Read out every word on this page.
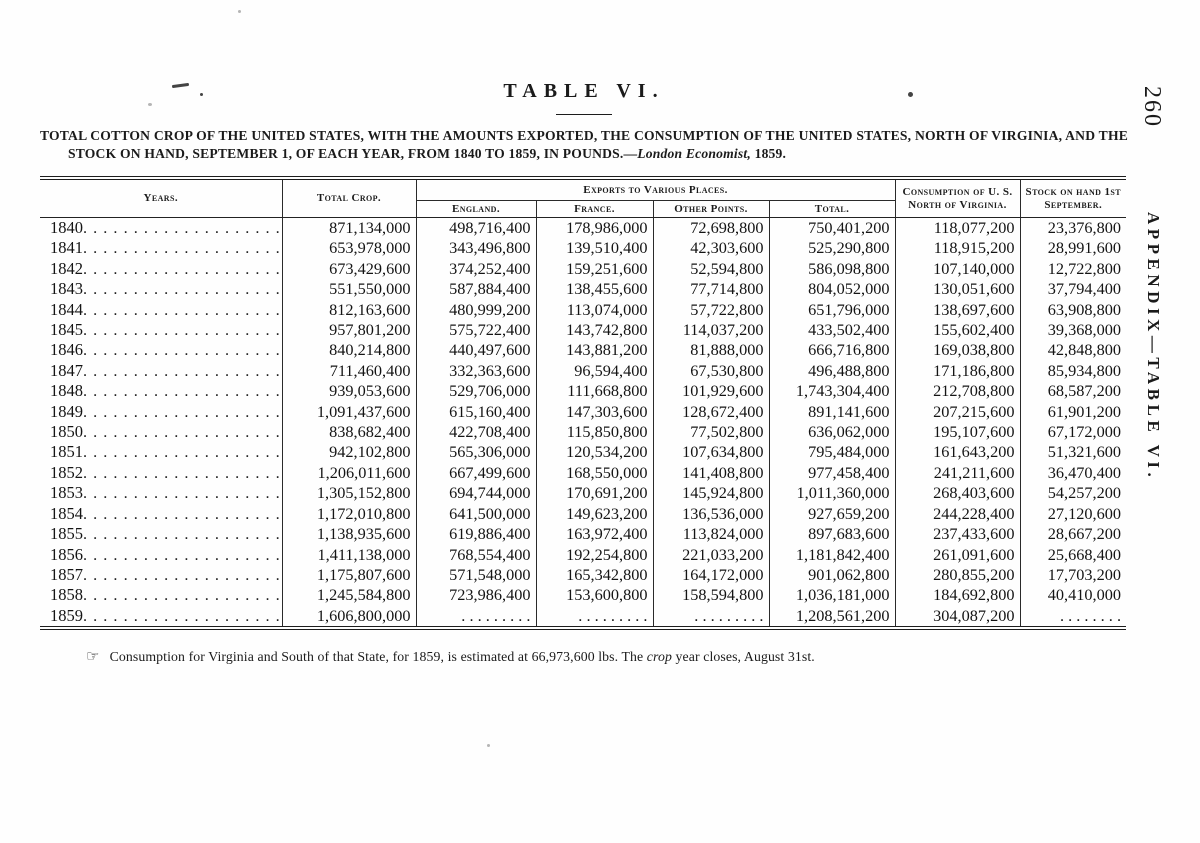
TABLE VI.
TOTAL COTTON CROP OF THE UNITED STATES, WITH THE AMOUNTS EXPORTED, THE CONSUMPTION OF THE UNITED STATES, NORTH OF VIRGINIA, AND THE STOCK ON HAND, SEPTEMBER 1, OF EACH YEAR, FROM 1840 TO 1859, IN POUNDS.—London Economist, 1859.
Years.	Total Crop.	Exports to Various Places.				Consumption of U. S. North of Virginia.	Stock on hand 1st September.
		England.	France.	Other Points.	Total.		
1840 . . .	871,134,000	498,716,400	178,986,000	72,698,800	750,401,200	118,077,200	23,376,800
1841 . . .	653,978,000	343,496,800	139,510,400	42,303,600	525,290,800	118,915,200	28,991,600
1842 . . .	673,429,600	374,252,400	159,251,600	52,594,800	586,098,800	107,140,000	12,722,800
1843 . . .	551,550,000	587,884,400	138,455,600	77,714,800	804,052,000	130,051,600	37,794,400
1844 . . .	812,163,600	480,999,200	113,074,000	57,722,800	651,796,000	138,697,600	63,908,800
1845 . . .	957,801,200	575,722,400	143,742,800	114,037,200	433,502,400	155,602,400	39,368,000
1846 . . .	840,214,800	440,497,600	143,881,200	81,888,000	666,716,800	169,038,800	42,848,800
1847 . . .	711,460,400	332,363,600	96,594,400	67,530,800	496,488,800	171,186,800	85,934,800
1848 . . .	939,053,600	529,706,000	111,668,800	101,929,600	1,743,304,400	212,708,800	68,587,200
1849 . . .	1,091,437,600	615,160,400	147,303,600	128,672,400	891,141,600	207,215,600	61,901,200
1850 . . .	838,682,400	422,708,400	115,850,800	77,502,800	636,062,000	195,107,600	67,172,000
1851 . . .	942,102,800	565,306,000	120,534,200	107,634,800	795,484,000	161,643,200	51,321,600
1852 . . .	1,206,011,600	667,499,600	168,550,000	141,408,800	977,458,400	241,211,600	36,470,400
1853 . . .	1,305,152,800	694,744,000	170,691,200	145,924,800	1,011,360,000	268,403,600	54,257,200
1854 . . .	1,172,010,800	641,500,000	149,623,200	136,536,000	927,659,200	244,228,400	27,120,600
1855 . . .	1,138,935,600	619,886,400	163,972,400	113,824,000	897,683,600	237,433,600	28,667,200
1856 . . .	1,411,138,000	768,554,400	192,254,800	221,033,200	1,181,842,400	261,091,600	25,668,400
1857 . . .	1,175,807,600	571,548,000	165,342,800	164,172,000	901,062,800	280,855,200	17,703,200
1858 . . .	1,245,584,800	723,986,400	153,600,800	158,594,800	1,036,181,000	184,692,800	40,410,000
1859 . . .	1,606,800,000	. . . . . . . . .	. . . . . . . . .	. . . . . . . . .	1,208,561,200	304,087,200	. . . . . . . .
☞ Consumption for Virginia and South of that State, for 1859, is estimated at 66,973,600 lbs. The crop year closes, August 31st.
260
APPENDIX—TABLE VI.
